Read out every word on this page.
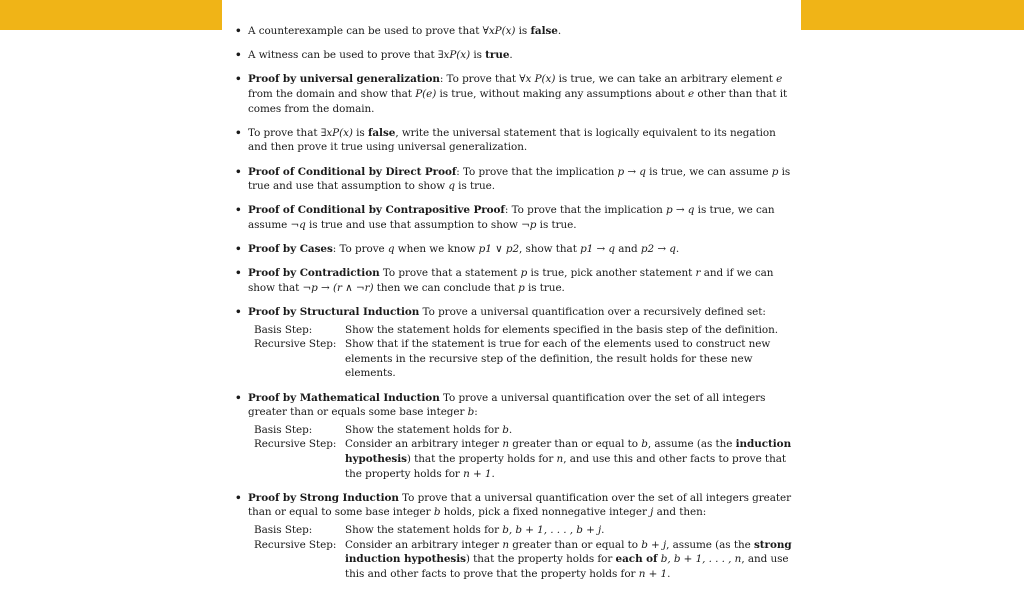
• A counterexample can be used to prove that ∀xP(x) is false.
• A witness can be used to prove that ∃xP(x) is true.
• Proof by universal generalization: To prove that ∀x P(x) is true, we can take an arbitrary element e from the domain and show that P(e) is true, without making any assumptions about e other than that it comes from the domain.
• To prove that ∃xP(x) is false, write the universal statement that is logically equivalent to its negation and then prove it true using universal generalization.
• Proof of Conditional by Direct Proof: To prove that the implication p → q is true, we can assume p is true and use that assumption to show q is true.
• Proof of Conditional by Contrapositive Proof: To prove that the implication p → q is true, we can assume ¬q is true and use that assumption to show ¬p is true.
• Proof by Cases: To prove q when we know p1 ∨ p2, show that p1 → q and p2 → q.
• Proof by Contradiction To prove that a statement p is true, pick another statement r and if we can show that ¬p → (r ∧ ¬r) then we can conclude that p is true.
• Proof by Structural Induction To prove a universal quantification over a recursively defined set:
Basis Step:	Show the statement holds for elements specified in the basis step of the definition.
Recursive Step: Show that if the statement is true for each of the elements used to construct new elements in the recursive step of the definition, the result holds for these new elements.
• Proof by Mathematical Induction To prove a universal quantification over the set of all integers greater than or equals some base integer b:
Basis Step:	Show the statement holds for b.
Recursive Step: Consider an arbitrary integer n greater than or equal to b, assume (as the induction hypothesis) that the property holds for n, and use this and other facts to prove that the property holds for n + 1.
• Proof by Strong Induction To prove that a universal quantification over the set of all integers greater than or equal to some base integer b holds, pick a fixed nonnegative integer j and then:
Basis Step:	Show the statement holds for b, b + 1, . . . , b + j.
Recursive Step: Consider an arbitrary integer n greater than or equal to b + j, assume (as the strong induction hypothesis) that the property holds for each of b, b + 1, . . . , n, and use this and other facts to prove that the property holds for n + 1.
